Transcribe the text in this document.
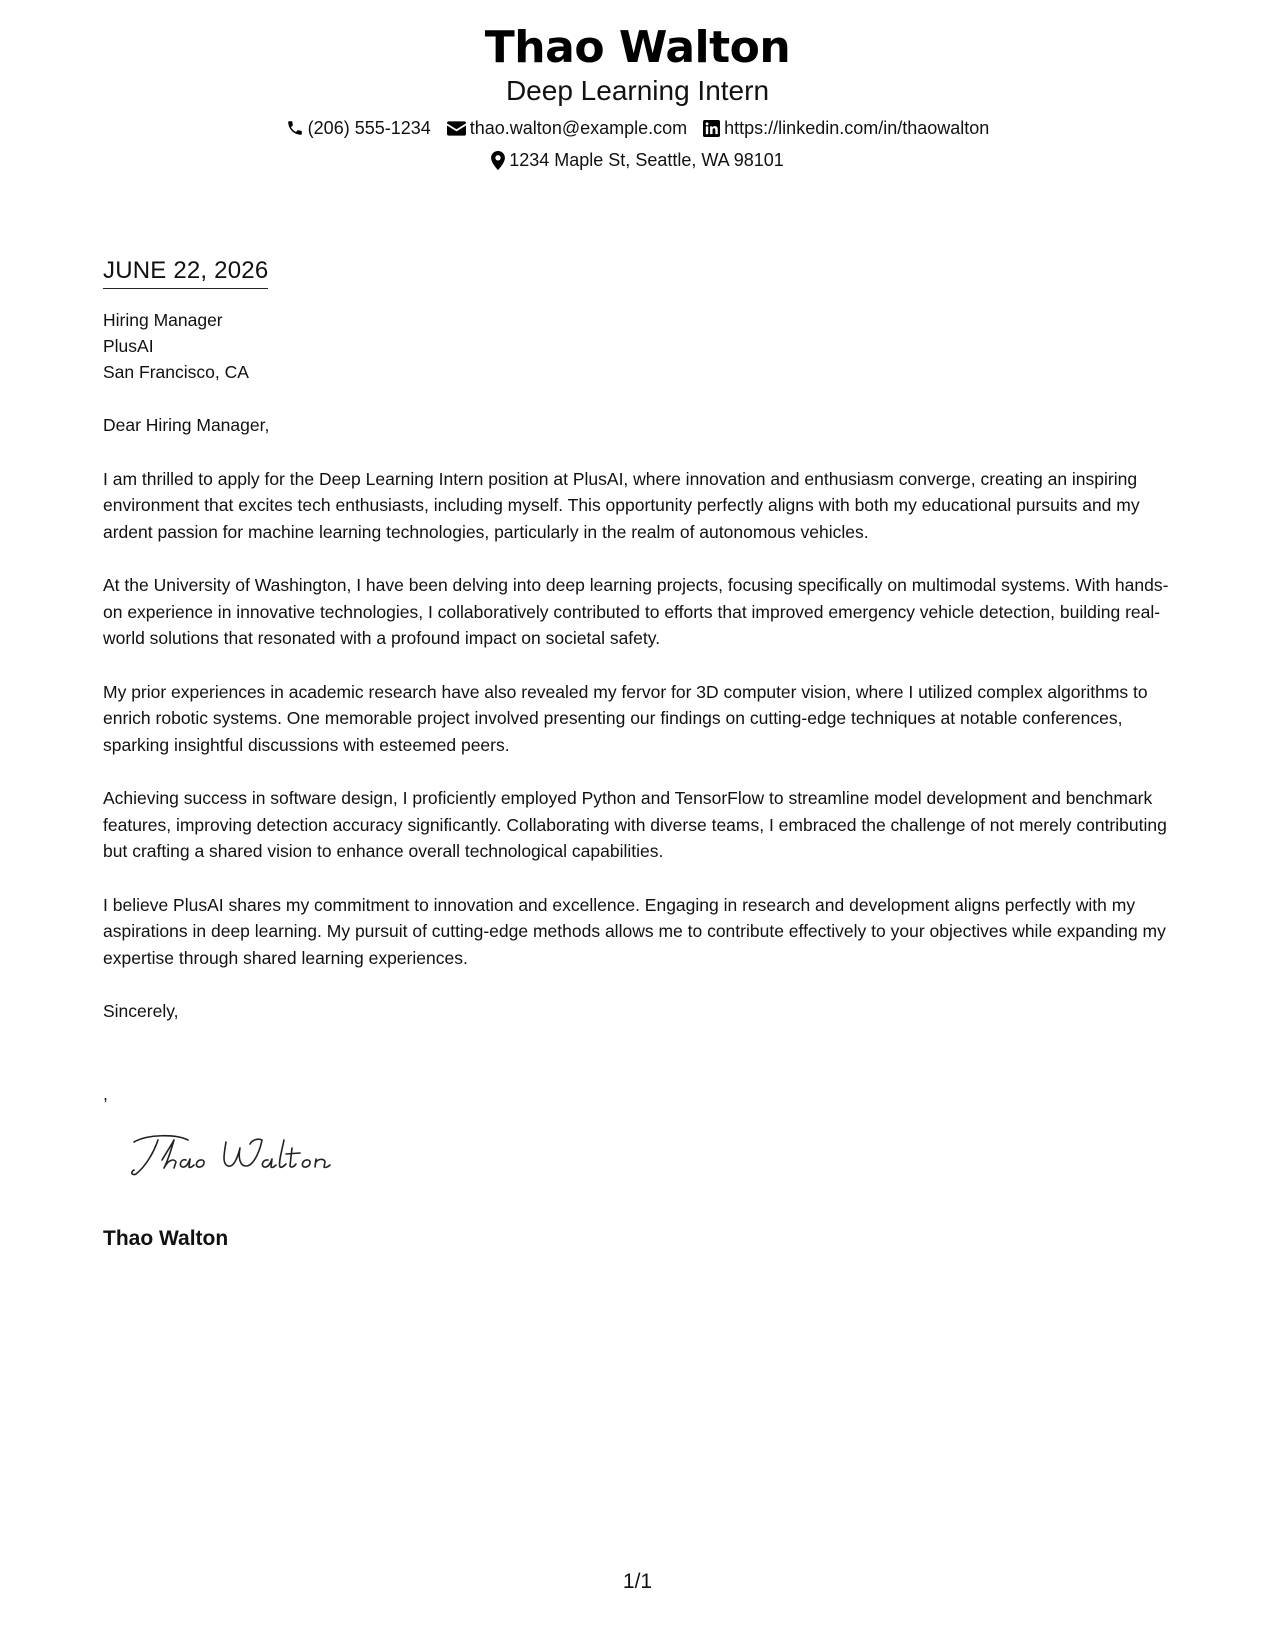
Thao Walton
Deep Learning Intern
(206) 555-1234 thao.walton@example.com https://linkedin.com/in/thaowalton
1234 Maple St, Seattle, WA 98101
JUNE 22, 2026
Hiring Manager
PlusAI
San Francisco, CA
Dear Hiring Manager,

I am thrilled to apply for the Deep Learning Intern position at PlusAI, where innovation and enthusiasm converge, creating an inspiring environment that excites tech enthusiasts, including myself. This opportunity perfectly aligns with both my educational pursuits and my ardent passion for machine learning technologies, particularly in the realm of autonomous vehicles.

At the University of Washington, I have been delving into deep learning projects, focusing specifically on multimodal systems. With hands-on experience in innovative technologies, I collaboratively contributed to efforts that improved emergency vehicle detection, building real-world solutions that resonated with a profound impact on societal safety.

My prior experiences in academic research have also revealed my fervor for 3D computer vision, where I utilized complex algorithms to enrich robotic systems. One memorable project involved presenting our findings on cutting-edge techniques at notable conferences, sparking insightful discussions with esteemed peers.

Achieving success in software design, I proficiently employed Python and TensorFlow to streamline model development and benchmark features, improving detection accuracy significantly. Collaborating with diverse teams, I embraced the challenge of not merely contributing but crafting a shared vision to enhance overall technological capabilities.

I believe PlusAI shares my commitment to innovation and excellence. Engaging in research and development aligns perfectly with my aspirations in deep learning. My pursuit of cutting-edge methods allows me to contribute effectively to your objectives while expanding my expertise through shared learning experiences.

Sincerely,
,
Thao Walton
1/1
